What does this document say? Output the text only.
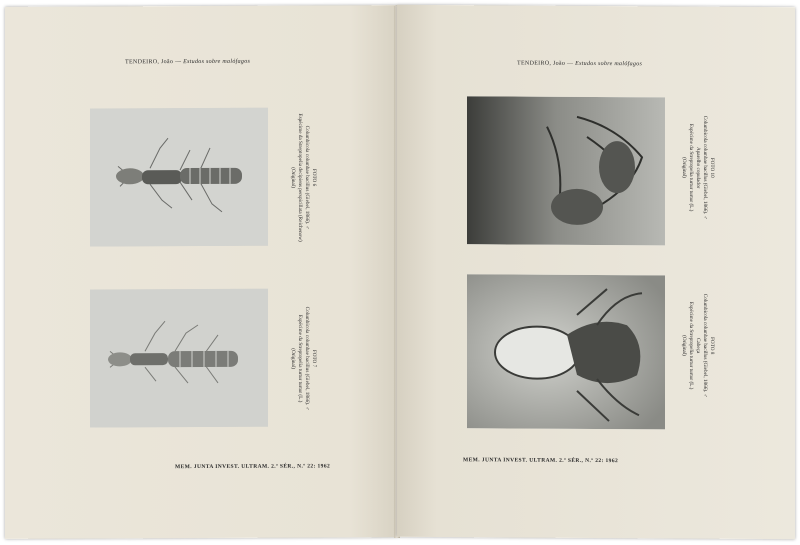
TENDEIRO, João — Estudos sobre malófagos
FOTO 6
Columbicola columbae bacillus (Giebel, 1866). ♂
Espécime da Streptopelia decipiens perspicillata (Reichenow)
(Original)
FOTO 7
Columbicola columbae bacillus (Giebel, 1866). ♂
Espécime da Streptopelia turtur turtur (L.)
(Original)
MEM. JUNTA INVEST. ULTRAM. 2.ª SÉR., N.º 22: 1962
TENDEIRO, João — Estudos sobre malófagos
FOTO 10
Columbicola columbae bacillus (Giebel, 1866). ♂
Aparelho copulador
Espécime da Streptopelia turtur turtur (L.)
(Original)
FOTO 8
Columbicola columbae bacillus (Giebel, 1866). ♂
Cabeça
Espécime da Streptopelia turtur turtur (L.)
(Original)
MEM. JUNTA INVEST. ULTRAM. 2.ª SÉR., N.º 22: 1962
